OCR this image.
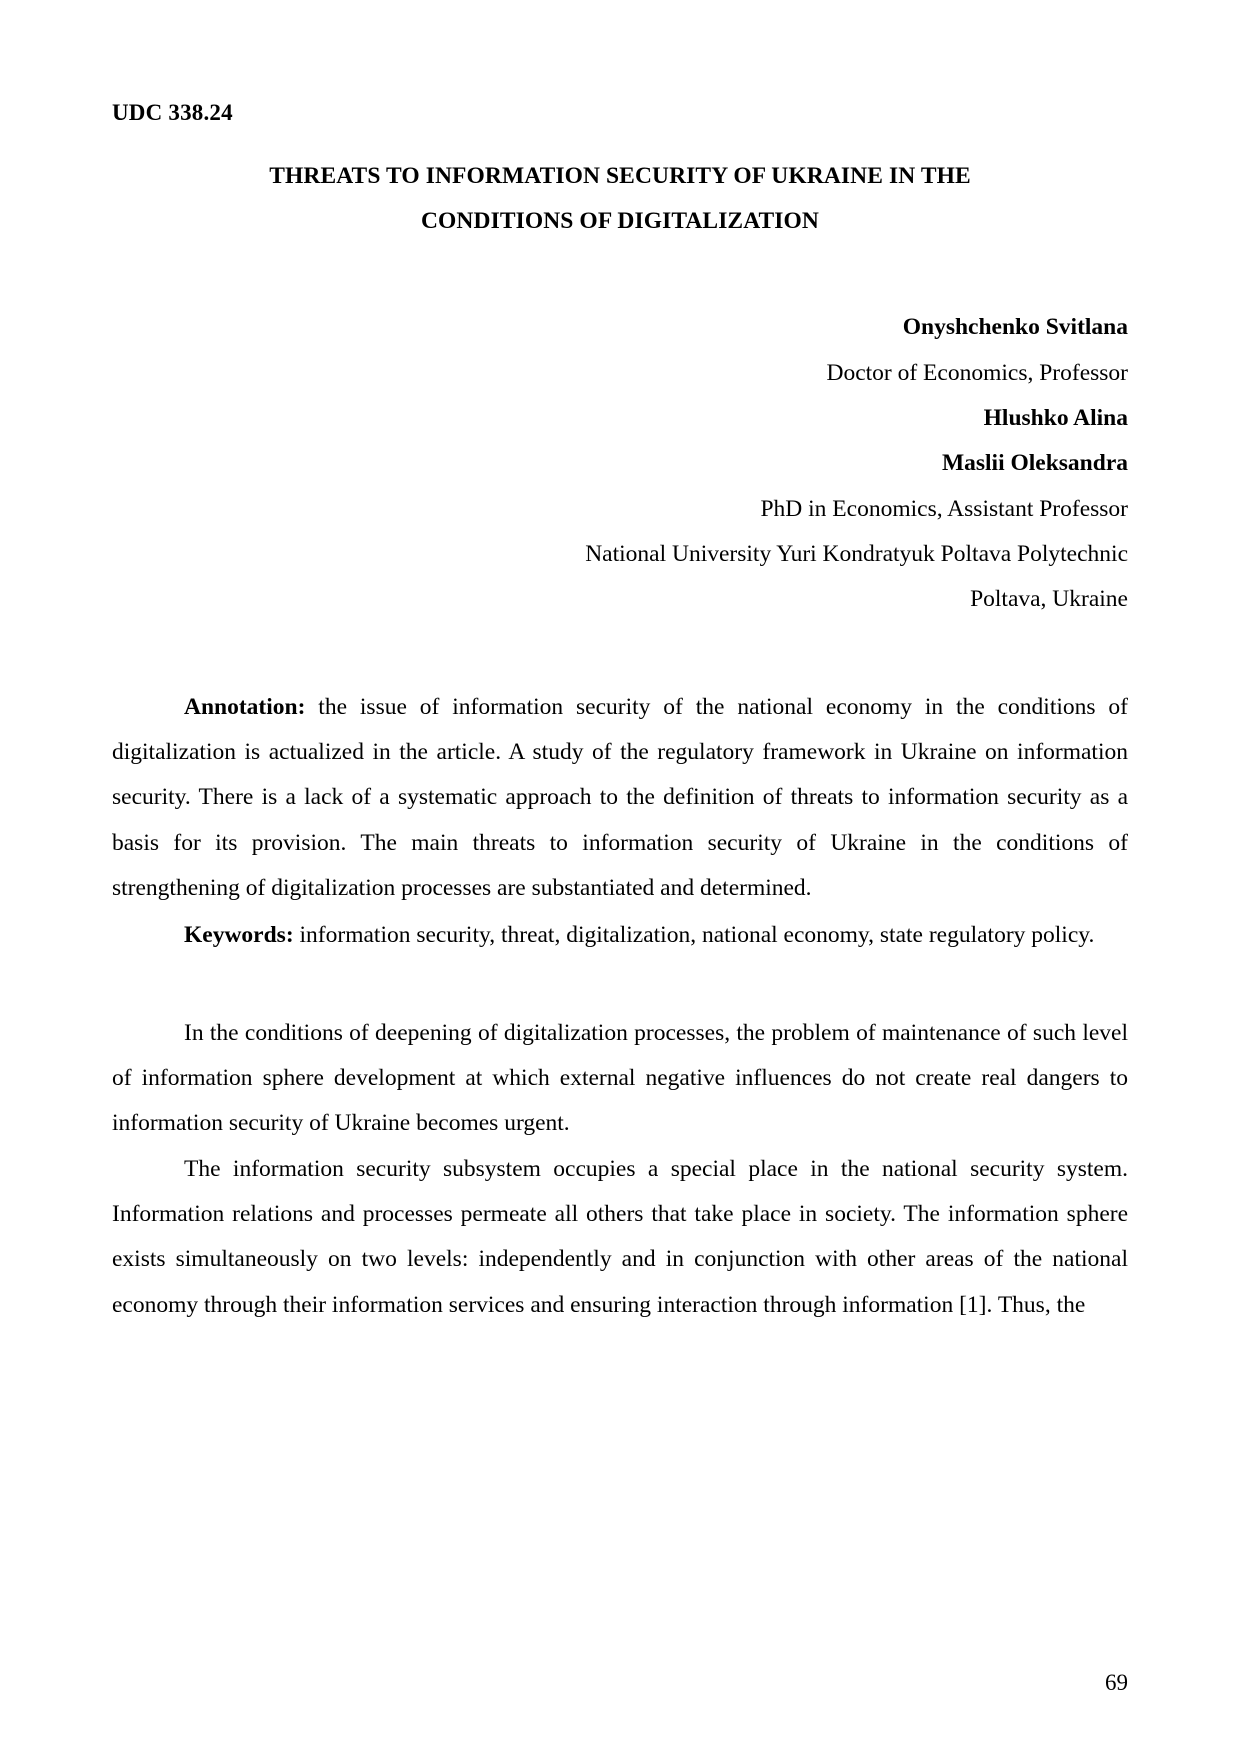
UDC 338.24
THREATS TO INFORMATION SECURITY OF UKRAINE IN THE
CONDITIONS OF DIGITALIZATION
Onyshchenko Svitlana
Doctor of Economics, Professor
Hlushko Alina
Maslii Oleksandra
PhD in Economics, Assistant Professor
National University Yuri Kondratyuk Poltava Polytechnic
Poltava, Ukraine

Annotation: the issue of information security of the national economy in the conditions of digitalization is actualized in the article. A study of the regulatory framework in Ukraine on information security. There is a lack of a systematic approach to the definition of threats to information security as a basis for its provision. The main threats to information security of Ukraine in the conditions of strengthening of digitalization processes are substantiated and determined.

Keywords: information security, threat, digitalization, national economy, state regulatory policy.

In the conditions of deepening of digitalization processes, the problem of maintenance of such level of information sphere development at which external negative influences do not create real dangers to information security of Ukraine becomes urgent.

The information security subsystem occupies a special place in the national security system. Information relations and processes permeate all others that take place in society. The information sphere exists simultaneously on two levels: independently and in conjunction with other areas of the national economy through their information services and ensuring interaction through information [1]. Thus, the

69
